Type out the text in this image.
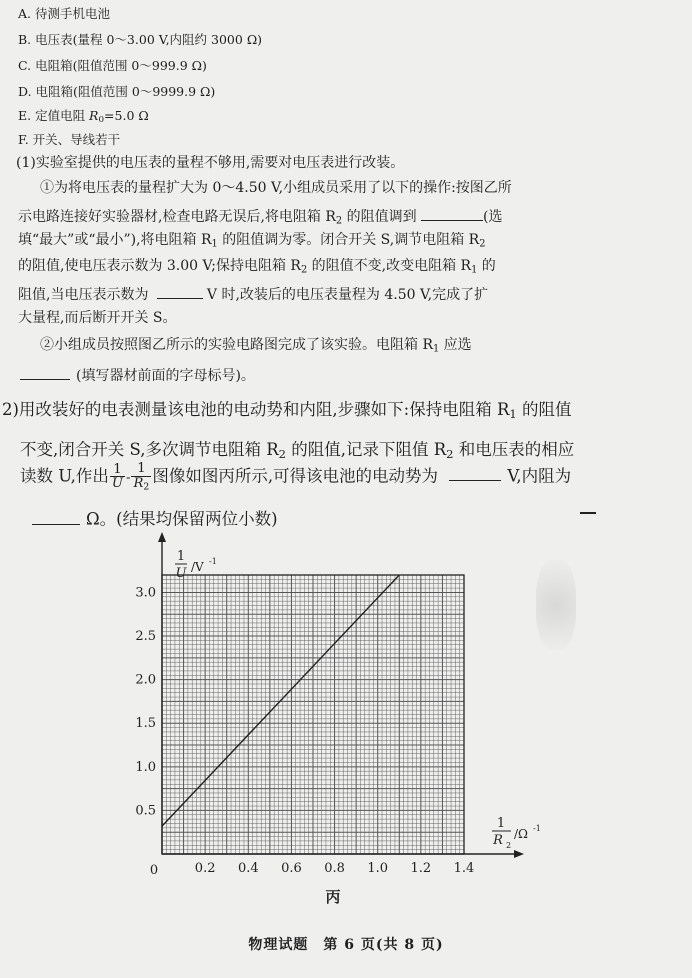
A. 待测手机电池
B. 电压表(量程 0～3.00 V,内阻约 3000 Ω)
C. 电阻箱(阻值范围 0～999.9 Ω)
D. 电阻箱(阻值范围 0～9999.9 Ω)
E. 定值电阻 $R_0=5.0$ Ω
F. 开关、导线若干
(1)实验室提供的电压表的量程不够用,需要对电压表进行改装。
①为将电压表的量程扩大为 0～4.50 V,小组成员采用了以下的操作:按图乙所
示电路连接好实验器材,检查电路无误后,将电阻箱 $R_2$ 的阻值调到	(选
填“最大”或“最小”),将电阻箱 $R_1$ 的阻值调为零。闭合开关 S,调节电阻箱 $R_2$
的阻值,使电压表示数为 3.00 V;保持电阻箱 $R_2$ 的阻值不变,改变电阻箱 $R_1$ 的
阻值,当电压表示数为	V 时,改装后的电压表量程为 4.50 V,完成了扩
大量程,而后断开开关 S。
②小组成员按照图乙所示的实验电路图完成了该实验。电阻箱 $R_1$ 应选
(填写器材前面的字母标号)。
2)用改装好的电表测量该电池的电动势和内阻,步骤如下:保持电阻箱 $R_1$ 的阻值
不变,闭合开关 S,多次调节电阻箱 $R_2$ 的阻值,记录下阻值 $R_2$ 和电压表的相应
读数 U,作出 $\frac{1}{U} - \frac{1}{R_2}$ 图像如图丙所示,可得该电池的电动势为	V,内阻为
Ω。(结果均保留两位小数)
0.2 0.4 0.6 0.8 1.0 1.2 1.4
0.5
1.0
1.5
2.0
2.5
3.0
0
1
U /V -1
1
R 2
/Ω -1
丙
物理试题　第 6 页(共 8 页)
